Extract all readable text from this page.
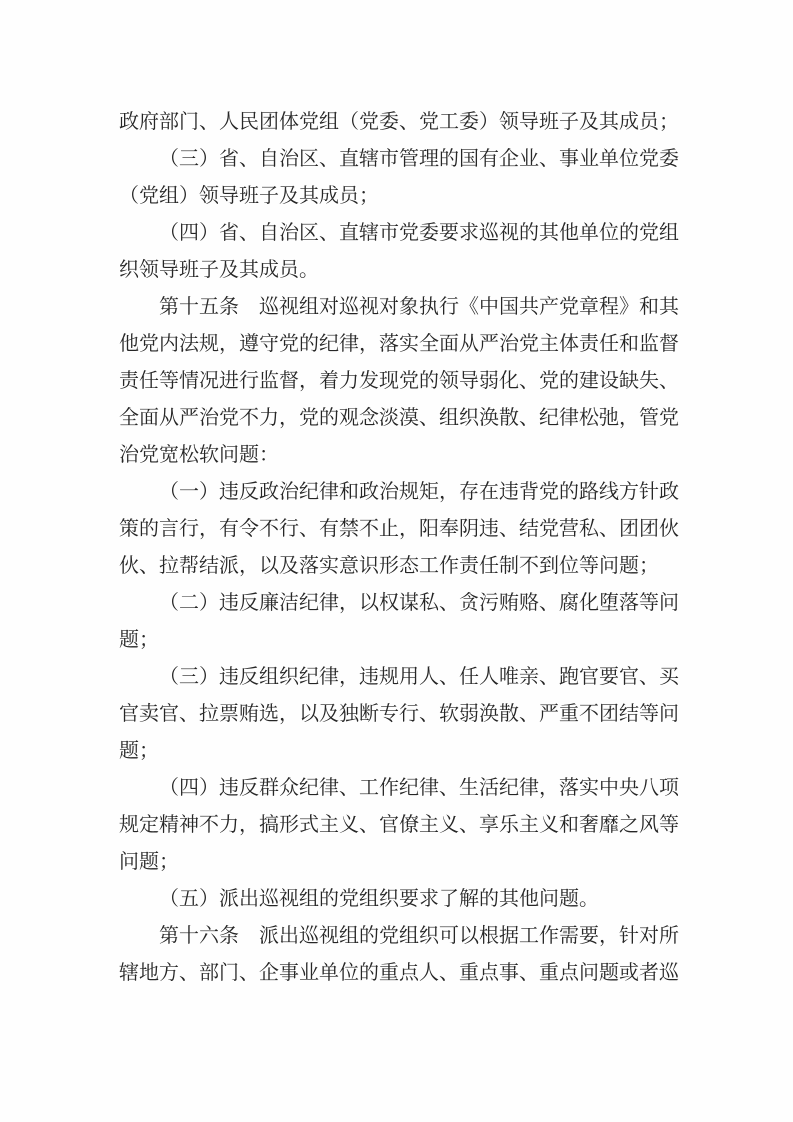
政府部门、人民团体党组（党委、党工委）领导班子及其成员；
（三）省、自治区、直辖市管理的国有企业、事业单位党委
（党组）领导班子及其成员；
（四）省、自治区、直辖市党委要求巡视的其他单位的党组
织领导班子及其成员。
第十五条　巡视组对巡视对象执行《中国共产党章程》和其
他党内法规，遵守党的纪律，落实全面从严治党主体责任和监督
责任等情况进行监督，着力发现党的领导弱化、党的建设缺失、
全面从严治党不力，党的观念淡漠、组织涣散、纪律松弛，管党
治党宽松软问题：
（一）违反政治纪律和政治规矩，存在违背党的路线方针政
策的言行，有令不行、有禁不止，阳奉阴违、结党营私、团团伙
伙、拉帮结派，以及落实意识形态工作责任制不到位等问题；
（二）违反廉洁纪律，以权谋私、贪污贿赂、腐化堕落等问
题；
（三）违反组织纪律，违规用人、任人唯亲、跑官要官、买
官卖官、拉票贿选，以及独断专行、软弱涣散、严重不团结等问
题；
（四）违反群众纪律、工作纪律、生活纪律，落实中央八项
规定精神不力，搞形式主义、官僚主义、享乐主义和奢靡之风等
问题；
（五）派出巡视组的党组织要求了解的其他问题。
第十六条　派出巡视组的党组织可以根据工作需要，针对所
辖地方、部门、企事业单位的重点人、重点事、重点问题或者巡
